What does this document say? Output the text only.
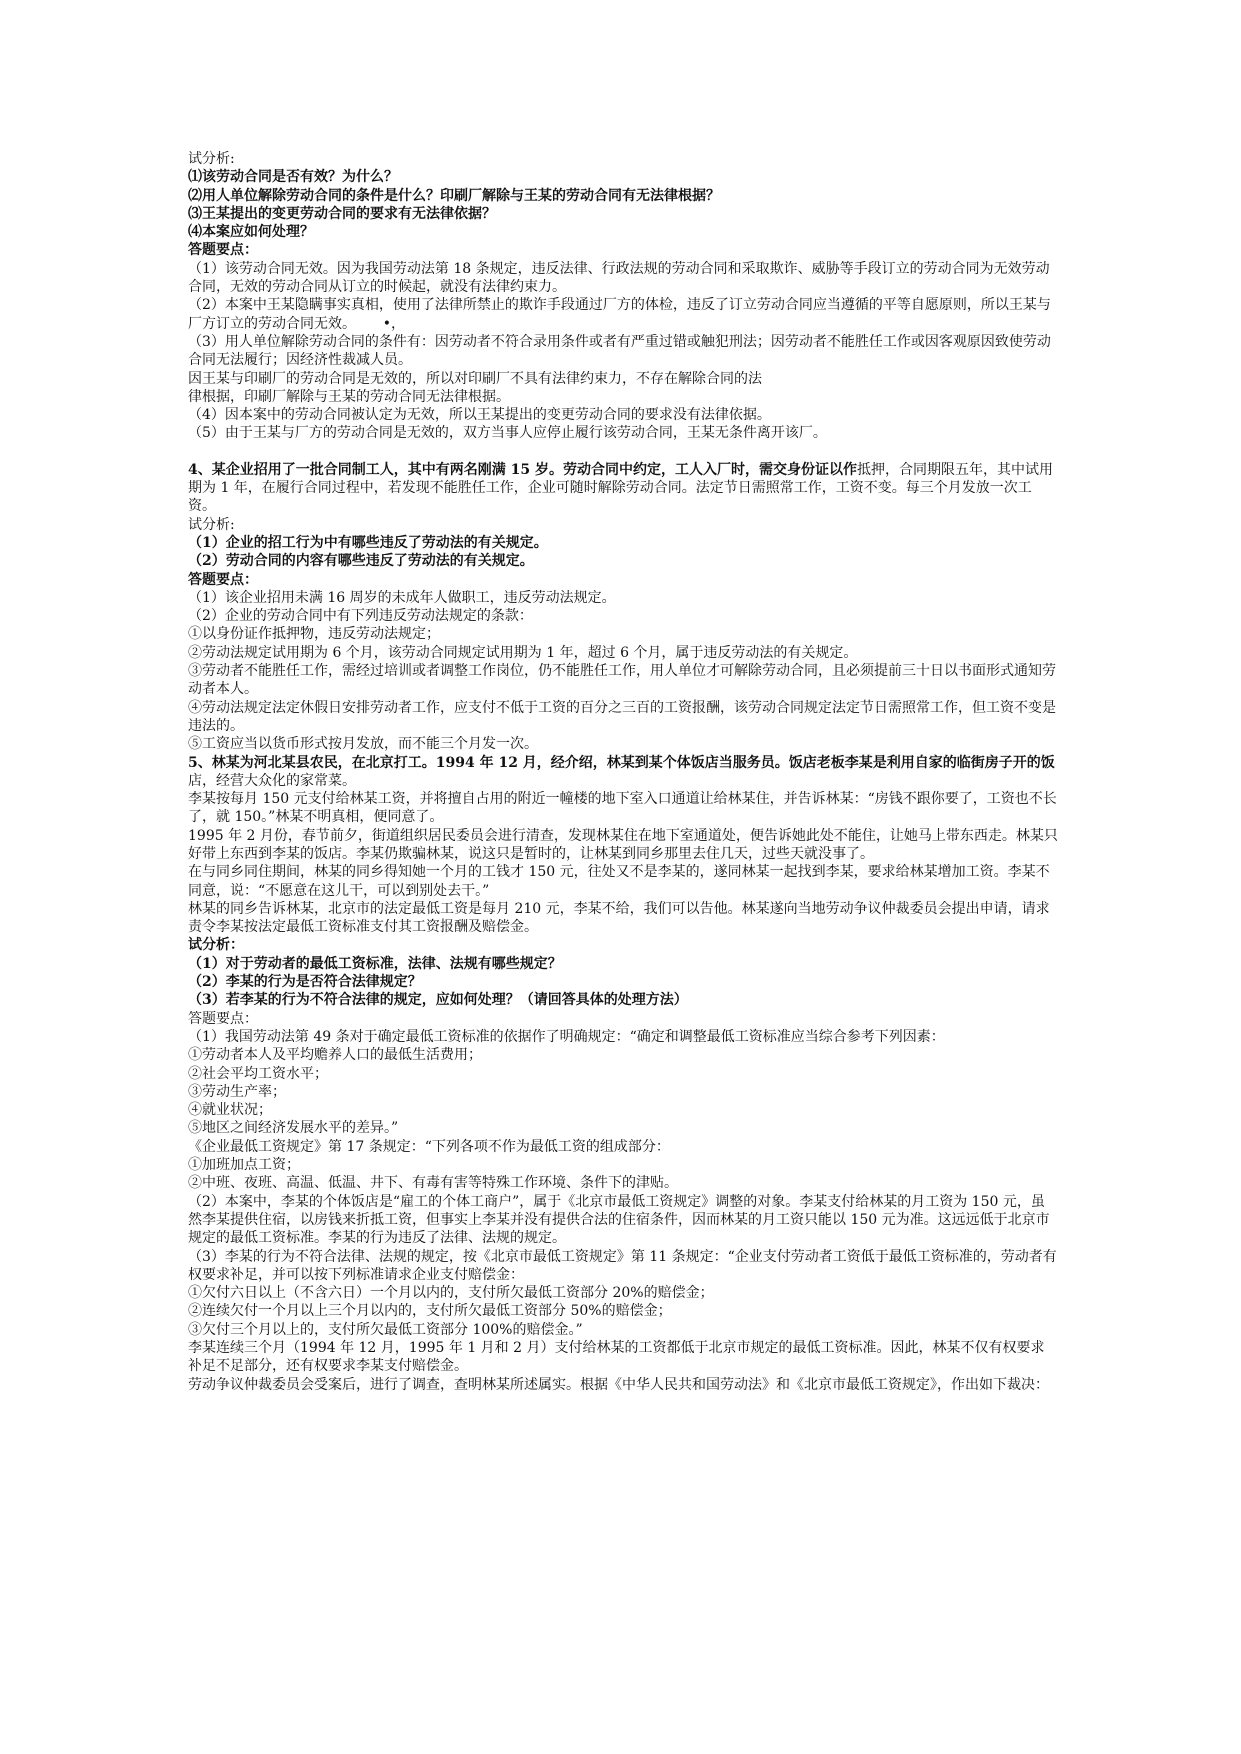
试分析:

⑴该劳动合同是否有效？为什么？

⑵用人单位解除劳动合同的条件是什么？印刷厂解除与王某的劳动合同有无法律根据？

⑶王某提出的变更劳动合同的要求有无法律依据？

⑷本案应如何处理？

答题要点：

（1）该劳动合同无效。因为我国劳动法第 18 条规定，违反法律、行政法规的劳动合同和采取欺诈、威胁等手段订立的劳动合同为无效劳动合同，无效的劳动合同从订立的时候起，就没有法律约束力。

（2）本案中王某隐瞒事实真相，使用了法律所禁止的欺诈手段通过厂方的体检，违反了订立劳动合同应当遵循的平等自愿原则，所以王某与厂方订立的劳动合同无效。      •，

（3）用人单位解除劳动合同的条件有：因劳动者不符合录用条件或者有严重过错或触犯刑法；因劳动者不能胜任工作或因客观原因致使劳动合同无法履行；因经济性裁减人员。

因王某与印刷厂的劳动合同是无效的，所以对印刷厂不具有法律约束力，不存在解除合同的法

律根据，印刷厂解除与王某的劳动合同无法律根据。

（4）因本案中的劳动合同被认定为无效，所以王某提出的变更劳动合同的要求没有法律依据。

（5）由于王某与厂方的劳动合同是无效的，双方当事人应停止履行该劳动合同，王某无条件离开该厂。

4、某企业招用了一批合同制工人，其中有两名刚满 15 岁。劳动合同中约定，工人入厂时，需交身份证以作抵押，合同期限五年，其中试用期为 1 年，在履行合同过程中，若发现不能胜任工作，企业可随时解除劳动合同。法定节日需照常工作，工资不变。每三个月发放一次工资。

试分析:

（1）企业的招工行为中有哪些违反了劳动法的有关规定。

（2）劳动合同的内容有哪些违反了劳动法的有关规定。

答题要点：

（1）该企业招用未满 16 周岁的未成年人做职工，违反劳动法规定。

（2）企业的劳动合同中有下列违反劳动法规定的条款：

①以身份证作抵押物，违反劳动法规定；

②劳动法规定试用期为 6 个月，该劳动合同规定试用期为 1 年，超过 6 个月，属于违反劳动法的有关规定。

③劳动者不能胜任工作，需经过培训或者调整工作岗位，仍不能胜任工作，用人单位才可解除劳动合同，且必须提前三十日以书面形式通知劳动者本人。

④劳动法规定法定休假日安排劳动者工作，应支付不低于工资的百分之三百的工资报酬，该劳动合同规定法定节日需照常工作，但工资不变是违法的。

⑤工资应当以货币形式按月发放，而不能三个月发一次。

5、林某为河北某县农民，在北京打工。1994 年 12 月，经介绍，林某到某个体饭店当服务员。饭店老板李某是利用自家的临街房子开的饭店，经营大众化的家常菜。

李某按每月 150 元支付给林某工资，并将擅自占用的附近一幢楼的地下室入口通道让给林某住，并告诉林某：“房钱不跟你要了，工资也不长了，就 150。”林某不明真相，便同意了。

1995 年 2 月份，春节前夕，街道组织居民委员会进行清查，发现林某住在地下室通道处，便告诉她此处不能住，让她马上带东西走。林某只好带上东西到李某的饭店。李某仍欺骗林某，说这只是暂时的，让林某到同乡那里去住几天，过些天就没事了。

在与同乡同住期间，林某的同乡得知她一个月的工钱才 150 元，往处又不是李某的，遂同林某一起找到李某，要求给林某增加工资。李某不同意，说：“不愿意在这儿干，可以到别处去干。”

林某的同乡告诉林某，北京市的法定最低工资是每月 210 元，李某不给，我们可以告他。林某遂向当地劳动争议仲裁委员会提出申请，请求责令李某按法定最低工资标准支付其工资报酬及赔偿金。

试分析：

（1）对于劳动者的最低工资标准，法律、法规有哪些规定？

（2）李某的行为是否符合法律规定？

（3）若李某的行为不符合法律的规定，应如何处理？（请回答具体的处理方法）

答题要点：

（1）我国劳动法第 49 条对于确定最低工资标准的依据作了明确规定：“确定和调整最低工资标准应当综合参考下列因素：

①劳动者本人及平均赡养人口的最低生活费用；

②社会平均工资水平；

③劳动生产率；

④就业状况；

⑤地区之间经济发展水平的差异。”

《企业最低工资规定》第 17 条规定：“下列各项不作为最低工资的组成部分：

①加班加点工资；

②中班、夜班、高温、低温、井下、有毒有害等特殊工作环境、条件下的津贴。

（2）本案中，李某的个体饭店是“雇工的个体工商户”，属于《北京市最低工资规定》调整的对象。李某支付给林某的月工资为 150 元，虽然李某提供住宿，以房钱来折抵工资，但事实上李某并没有提供合法的住宿条件，因而林某的月工资只能以 150 元为准。这远远低于北京市规定的最低工资标准。李某的行为违反了法律、法规的规定。

（3）李某的行为不符合法律、法规的规定，按《北京市最低工资规定》第 11 条规定：“企业支付劳动者工资低于最低工资标准的，劳动者有权要求补足，并可以按下列标准请求企业支付赔偿金：

①欠付六日以上（不含六日）一个月以内的，支付所欠最低工资部分 20%的赔偿金；

②连续欠付一个月以上三个月以内的，支付所欠最低工资部分 50%的赔偿金；

③欠付三个月以上的，支付所欠最低工资部分 100%的赔偿金。”

李某连续三个月（1994 年 12 月，1995 年 1 月和 2 月）支付给林某的工资都低于北京市规定的最低工资标准。因此，林某不仅有权要求补足不足部分，还有权要求李某支付赔偿金。

劳动争议仲裁委员会受案后，进行了调查，查明林某所述属实。根据《中华人民共和国劳动法》和《北京市最低工资规定》，作出如下裁决：
